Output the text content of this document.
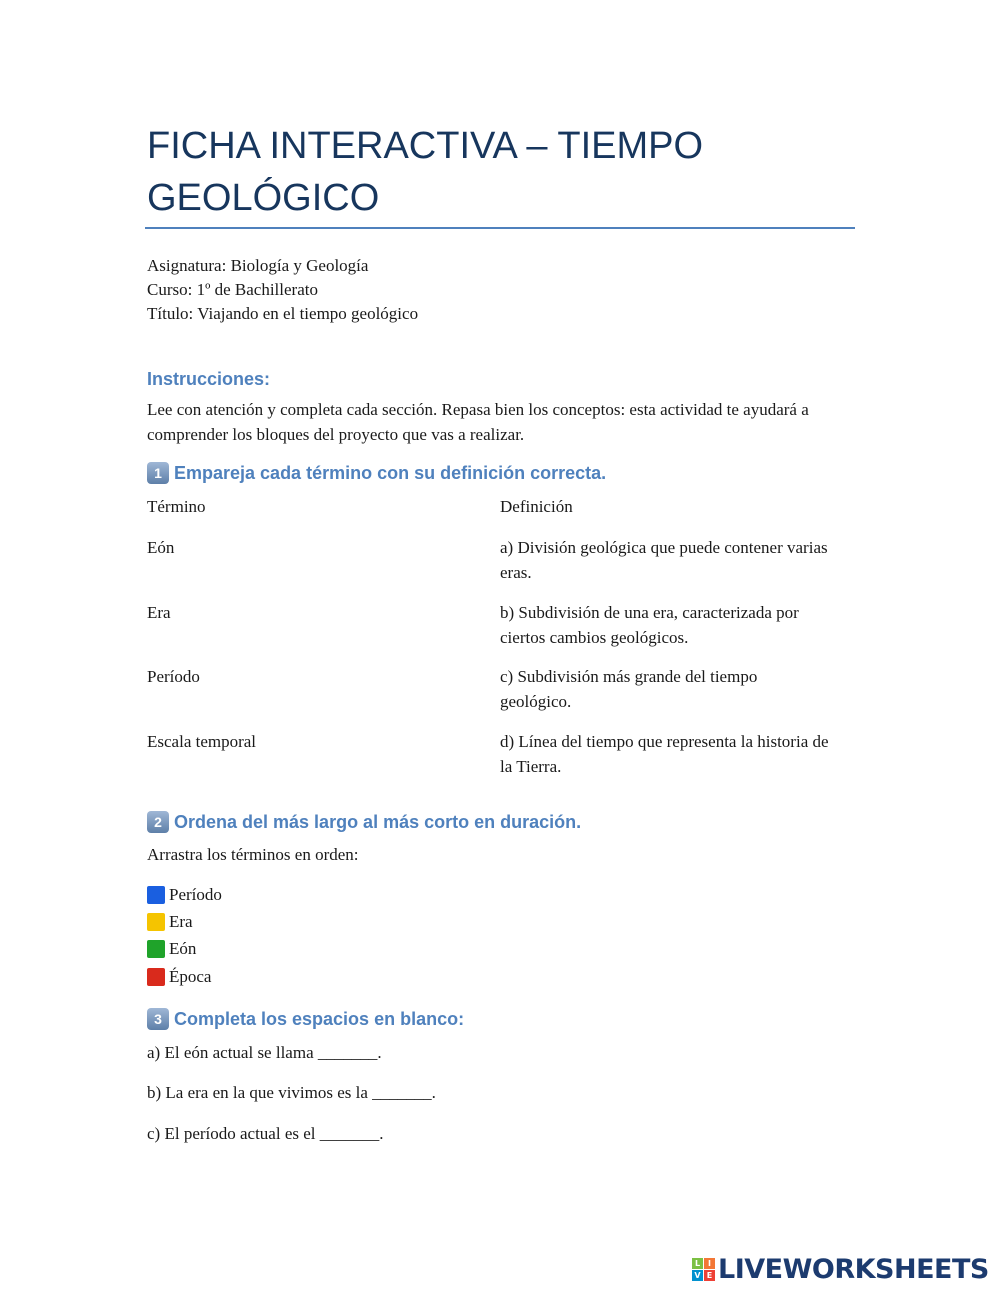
FICHA INTERACTIVA – TIEMPO GEOLÓGICO
Asignatura: Biología y Geología
Curso: 1º de Bachillerato
Título: Viajando en el tiempo geológico
Instrucciones:
Lee con atención y completa cada sección. Repasa bien los conceptos: esta actividad te ayudará a comprender los bloques del proyecto que vas a realizar.
1 Empareja cada término con su definición correcta.
Término	Definición
Eón	a) División geológica que puede contener varias eras.
Era	b) Subdivisión de una era, caracterizada por ciertos cambios geológicos.
Período	c) Subdivisión más grande del tiempo geológico.
Escala temporal	d) Línea del tiempo que representa la historia de la Tierra.
2 Ordena del más largo al más corto en duración.
Arrastra los términos en orden:
Período
Era
Eón
Época
3 Completa los espacios en blanco:
a) El eón actual se llama _______.
b) La era en la que vivimos es la _______.
c) El período actual es el _______.
L I
V E LIVEWORKSHEETS
